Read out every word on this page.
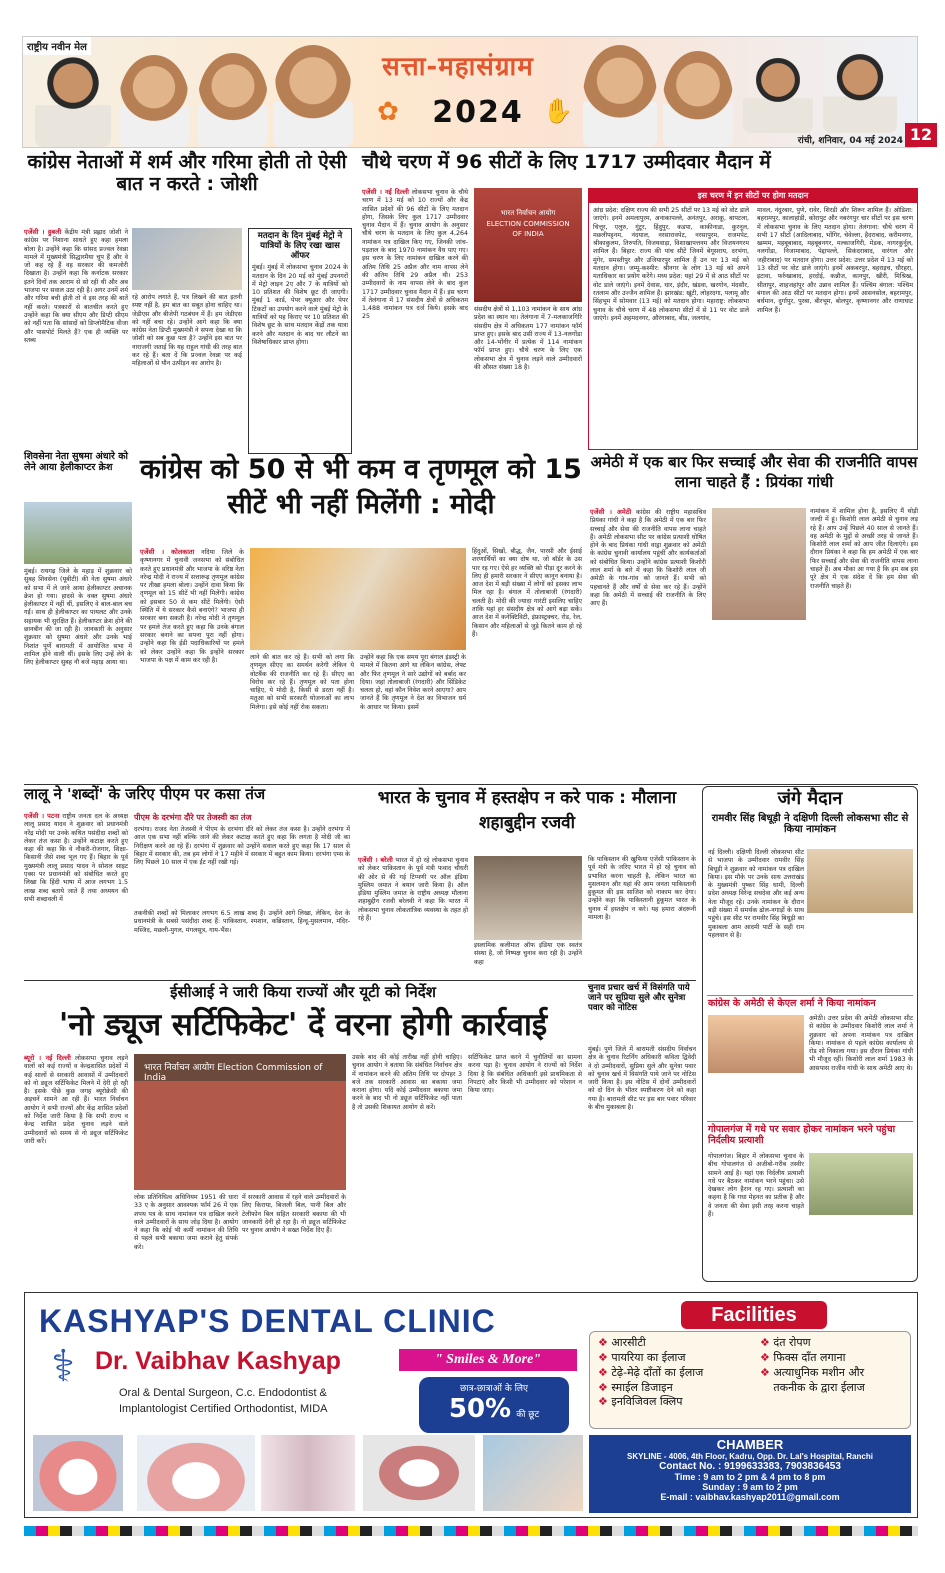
राष्ट्रीय नवीन मेल
सत्ता-महासंग्राम
✿	2024 ✋
रांची, शनिवार, 04 मई 2024 12
कांग्रेस नेताओं में शर्म और गरिमा होती तो ऐसी बात न करते : जोशी
एजेंसी । हुबली केंद्रीय मंत्री प्रह्लाद जोशी ने कांग्रेस पर निशाना साधते हुए कहा हमला बोला है। उन्होंने कहा कि सांसद प्रज्वल रेवन्ना मामले में मुख्यमंत्री सिद्धारमैया चुप हैं और वे जो कह रहे हैं वह सरकार की कमजोरी दिखाता है। उन्होंने कहा कि कर्नाटक सरकार इतने दिनों तक आराम से सो रही थी और अब भाजपा पर सवाल उठा रही है। अगर उनमें शर्म और गरिमा बची होती तो वे इस तरह की बातें नहीं करते। पत्रकारों से बातचीत करते हुए उन्होंने कहा कि क्या सीएम और डिप्टी सीएम को नहीं पता कि सांसदों को डिप्लोमैटिक वीजा और पासपोर्ट मिलते हैं? एक ही व्यक्ति पर स्तब्ध
रहे आरोप लगाते हैं, पत्र लिखने की बात इतनी स्पष्ट नहीं है, हम बात का सबूत होना चाहिए था। जेडीएस और बीजेपी गठबंधन में हैं। हम जेडीएस को नहीं बचा रहे। उन्होंने आगे कहा कि क्या कांग्रेस नेता डिप्टी मुख्यमंत्री ने सपना देखा था कि जोशी को सब कुछ पता है? उन्होंने इस बात पर नाराजगी जताई कि यह राहुल गांधी की तरह बात कर रहे हैं। बता दें कि प्रज्वल रेवन्ना पर कई महिलाओं से यौन उत्पीड़न का आरोप है।
मतदान के दिन मुंबई मेट्रो ने यात्रियों के लिए रखा खास ऑफर
मुंबई। मुंबई में लोकसभा चुनाव 2024 के मतदान के दिन 20 मई को मुंबई उपनगरों में मेट्रो लाइन 2ए और 7 के यात्रियों को 10 प्रतिशत की विशेष छूट दी जाएगी। मुंबई 1 कार्ड, पेपर क्यूआर और पेपर टिकटों का उपयोग करने वाले मुंबई मेट्रो के यात्रियों को यह किराए पर 10 प्रतिशत की विशेष छूट के साथ मतदान केंद्रों तक यात्रा करने और मतदान के बाद घर लौटने का विशेषाधिकार प्राप्त होगा।
चौथे चरण में 96 सीटों के लिए 1717 उम्मीदवार मैदान में
एजेंसी । नई दिल्ली लोकसभा चुनाव के चौथे चरण में 13 मई को 10 राज्यों और केंद्र शासित प्रदेशों की 96 सीटों के लिए मतदान होगा, जिसके लिए कुल 1717 उम्मीदवार चुनाव मैदान में हैं। चुनाव आयोग के अनुसार चौथे चरण के मतदान के लिए कुल 4,264 नामांकन पत्र दाखिल किए गए, जिनकी जांच-पड़ताल के बाद 1970 नामांकन वैध पाए गए। इस चरण के लिए नामांकन दाखिल करने की अंतिम तिथि 25 अप्रैल और नाम वापस लेने की अंतिम तिथि 29 अप्रैल थी। 253 उम्मीदवारों के नाम वापस लेने के बाद कुल 1717 उम्मीदवार चुनाव मैदान में हैं। इस चरण में तेलंगाना में 17 संसदीय क्षेत्रों से अधिकतम 1,488 नामांकन पत्र दर्ज किये। इसके बाद 25
भारत निर्वाचन आयोग ELECTION COMMISSION OF INDIA
संसदीय क्षेत्रों से 1,103 नामांकन के साथ आंध्र प्रदेश का स्थान था। तेलंगाना में 7-मलकाजगिरि संसदीय क्षेत्र में अधिकतम 177 नामांकन फॉर्म प्राप्त हुए। इसके बाद उसी राज्य में 13-नलगोंडा और 14-भोंगीर में प्रत्येक में 114 नामांकन फॉर्म प्राप्त हुए। चौथे चरण के लिए एक लोकसभा क्षेत्र में चुनाव लड़ने वाले उम्मीदवारों की औसत संख्या 18 है।
इस चरण में इन सीटों पर होगा मतदान
आंध्र प्रदेश: दक्षिण राज्य की सभी 25 सीटों पर 13 मई को वोट डाले जाएंगे। इनमें अमलापुरम, अनाकापल्ले, अनंतपुर, अराकू, बापटला, चित्तूर, एलुरु, गुंटूर, हिंदुपुर, कडपा, काकीनाडा, कुरनूल, मछलीपट्टनम, नंदयाल, नरसारावपेट, नरसापुरम, राजमपेट, श्रीकाकुलम, तिरुपति, विजयवाड़ा, विशाखापत्तनम और विजयनगरम शामिल हैं। बिहार: राज्य की पांच सीटें जिनमें बेगूसराय, दरभंगा, मुंगेर, समस्तीपुर और उजियारपुर शामिल हैं उन पर 13 मई को मतदान होगा। जम्मू-कश्मीर: श्रीनगर के लोग 13 मई को अपने मताधिकार का प्रयोग करेंगे। मध्य प्रदेश: यहां 29 में से आठ सीटों पर वोट डाले जाएंगे। इनमें देवास, धार, इंदौर, खंडवा, खरगोन, मंदसौर, रतलाम और उज्जैन शामिल हैं। झारखंड: खूंटी, लोहरदगा, पलामू और सिंहभूम में सोमवार (13 मई) को मतदान होगा। महाराष्ट्र: लोकसभा चुनाव के चौथे चरण में 48 लोकसभा सीटों में से 11 पर वोट डाले जाएंगे। इनमें अहमदनगर, औरंगाबाद, बीड, जलगांव,
मावल, नंदुरबार, पुणे, रावेर, शिरडी और शिरूर शामिल हैं। ओडिशा: बहरामपुर, कालाहांडी, कोरापुट और नबरंगपुर चार सीटों पर इस चरण में लोकसभा चुनाव के लिए मतदान होगा। तेलंगाना: चौथे चरण में सभी 17 सीटों (आदिलाबाद, भोंगिर, चेवेल्ला, हैदराबाद, करीमनगर, खम्मम, महबूबाबाद, महबूबनगर, मल्काजगिरी, मेडक, नागरकुर्नूल, नलगोंडा, निजामाबाद, पेद्दापल्ले, सिकंदराबाद, वारंगल और जहीराबाद) पर मतदान होगा। उत्तर प्रदेश: उत्तर प्रदेश में 13 मई को 13 सीटों पर वोट डाले जाएंगे। इनमें अकबरपुर, बहराइच, धौरहरा, इटावा, फर्रुखाबाद, हरदोई, कन्नौज, कानपुर, खीरी, मिश्रिख, सीतापुर, शाहजहांपुर और उन्नाव शामिल हैं। पश्चिम बंगाल: पश्चिम बंगाल की आठ सीटों पर मतदान होगा। इनमें आसनसोल, बहरामपुर, बर्धमान, दुर्गापुर, पुरबा, बीरभूम, बोलपुर, कृष्णानगर और राणाघाट शामिल हैं।
शिवसेना नेता सुषमा अंधारे को लेने आया हेलीकाप्टर क्रेश
मुंबई। रायगढ़ जिले के महाड़ में शुक्रवार को सुबह शिवसेना (यूबीटी) की नेता सुषमा अंधारे को सभा में ले जाने आया हेलीकाप्टर अचानक क्रेश हो गया। हादसे के वक्त सुषमा अंधारे हेलीकाप्टर में नहीं थीं, इसलिए वे बाल-बाल बच गईं। साथ ही हेलीकाप्टर का पायलट और उनके सहायक भी सुरक्षित हैं। हेलीकाप्टर क्रेश होने की छानबीन की जा रही है। जानकारी के अनुसार शुक्रवार को सुषमा अंधारे और उनके भाई निशांत पूर्णे बारामती में आयोजित सभा में शामिल होने वाली थीं। इसके लिए उन्हें लेने के लिए हेलीकाप्टर सुबह नौ बजे महाड़ आया था।
कांग्रेस को 50 से भी कम व तृणमूल को 15 सीटें भी नहीं मिलेंगी : मोदी
एजेंसी । कोलकाता नदिया जिले के कृष्णानगर में चुनावी जनसभा को संबोधित करते हुए प्रधानमंत्री और भाजपा के वरिष्ठ नेता नरेन्द्र मोदी ने राज्य में सत्तारूढ़ तृणमूल कांग्रेस पर तीखा हमला बोला। उन्होंने दावा किया कि तृणमूल को 15 सीटें भी नहीं मिलेंगी। कांग्रेस को इसबार 50 से कम सीटें मिलेंगी। ऐसी स्थिति में ये सरकार कैसे बनाएंगे? भाजपा ही सरकार बना सकती है। नरेन्द्र मोदी ने तृणमूल पर हमले तेज करते हुए कहा कि उनके बंगाल सरकार बनाने का सपना पूरा नहीं होगा। उन्होंने कहा कि ईडी पदाधिकारियों पर हमले को लेकर उन्होंने कहा कि इन्होंने सरकार भाजपा के पक्ष में काम कर रही है।	लाने की बात कर रहे हैं। सभी को लगा कि तृणमूल सीएए का समर्थन करेगी लेकिन ये वोटबैंक की राजनीति कर रहे हैं। सीएए का विरोध कर रहे हैं। तृणमूल को पता होना चाहिए, ये मोदी है, किसी से डरता नहीं है। मतुआ को सभी सरकारी योजनाओं का लाभ मिलेगा। इसे कोई नहीं रोक सकता।
उन्होंने कहा कि एक समय पूरा बंगाल इंडस्ट्री के मामले में कितना आगे था लेकिन कांग्रेस, लेफ्ट और फिर तृणमूल ने सारे उद्योगों को बर्बाद कर दिया। जहां तोलाबाजी (रंगदारी) और सिंडिकेट चलता हो, वहां कौन निवेश करने आएगा? आप जानते हैं कि तृणमूल ने देश का विभाजन धर्म के आधार पर किया। इसमें
हिंदुओं, सिखों, बौद्ध, जैन, पारसी और ईसाई शरणार्थियों का क्या दोष था, जो बॉर्डर के उस पार रह गए। ऐसे हर व्यक्ति को पीड़ा दूर करने के लिए ही हमारी सरकार ने सीएए कानून बनाया है। आज देश में बड़ी संख्या में लोगों को इसका लाभ मिल रहा है। बंगाल में तोलाबाजी (रंगदारी) चलती है। मोदी की ज्यादा गारंटी इसलिए चाहिए ताकि यहां हर संसदीय क्षेत्र को आगे बढ़ा सकें। आज देश में कनेक्टिविटी, इंफ्रास्ट्रक्चर, रोड, रेल, किसान और महिलाओं से जुड़े कितने काम हो रहे हैं।
अमेठी में एक बार फिर सच्चाई और सेवा की राजनीति वापस लाना चाहते हैं : प्रियंका गांधी
एजेंसी । अमेठी कांग्रेस की राष्ट्रीय महासचिव प्रियंका गांधी ने कहा है कि अमेठी में एक बार फिर सच्चाई और सेवा की राजनीति वापस लाना चाहते हैं। अमेठी लोकसभा सीट पर कांग्रेस प्रत्याशी घोषित होने के बाद प्रियंका गांधी वाड्रा शुक्रवार को अमेठी के कांग्रेस चुनावी कार्यालय पहुंचीं और कार्यकर्ताओं को संबोधित किया। उन्होंने कांग्रेस प्रत्याशी किशोरी लाल शर्मा के बारे में कहा कि किशोरी लाल जी अमेठी के गांव-गांव को जानते हैं। सभी को पहचानते हैं और वर्षों से सेवा कर रहे हैं। उन्होंने कहा कि अमेठी में सच्चाई की राजनीति के लिए आए हैं।
नामांकन में शामिल होना है, इसलिए मैं थोड़ी जल्दी में हूं। किशोरी लाल अमेठी से चुनाव लड़ रहे हैं। आप उन्हें पिछले 40 साल से जानते हैं। वह अमेठी के मुद्दों से अच्छी तरह से जानते हैं। किशोरी लाल शर्मा को आप जीत दिलाएंगे। इस दौरान प्रियंका ने कहा कि हम अमेठी में एक बार फिर सच्चाई और सेवा की राजनीति वापस लाना चाहते हैं। अब मौका आ गया है कि हम सब इस पूरे क्षेत्र में एक संदेश दें कि हम सेवा की राजनीति चाहते हैं।
लालू ने 'शब्दों' के जरिए पीएम पर कसा तंज
एजेंसी । पटना राष्ट्रीय जनता दल के अध्यक्ष लालू प्रसाद यादव ने शुक्रवार को प्रधानमंत्री नरेंद्र मोदी पर उनके कथित पसंदीदा शब्दों को लेकर तंज कसा है। उन्होंने कटाक्ष करते हुए कहा की कहा कि वे नौकरी-रोजगार, शिक्षा-किसानी जैसे शब्द भूल गए हैं। बिहार के पूर्व मुख्यमंत्री लालू प्रसाद यादव ने सोशल साइट एक्स पर प्रधानमंत्री को संबोधित करते हुए लिखा कि हिंदी भाषा में आज लगभग 1.5 लाख शब्द बताये जाते हैं तथा अध्ययन की सभी शब्दावली में
पीएम के दरभंगा दौरे पर तेजस्वी का तंज
दरभंगा। राजद नेता तेजस्वी ने पीएम के दरभंगा दौरे को लेकर तंज कसा है। उन्होंने दरभंगा में आज एक सभा नहीं बल्कि जाने की लेकर कटाक्ष करते हुए कहा कि लगता है मोदी जी का निरीक्षण करने आ रहे हैं। दरभंगा में शुक्रवार को उन्होंने सवाल करते हुए कहा कि 17 साल से बिहार में सरकार की, तब हम लोगों ने 17 महीने में सरकार में बहुत काम किया। दरभंगा एम्स के लिए पिछले 10 साल में एक ईंट नहीं रखी गई।
तकनीकी शब्दों को मिलाकर लगभग 6.5 लाख शब्द हैं। उन्होंने आगे लिखा, लेकिन, देश के प्रधानमंत्री के सबसे पसंदीदा शब्द हैं: पाकिस्तान, श्मशान, कब्रिस्तान, हिन्दू-मुसलमान, मंदिर-मस्जिद, मछली-मुगल, मंगलसूत्र, गाय-भैंस।
भारत के चुनाव में हस्तक्षेप न करे पाक : मौलाना शहाबुद्दीन रजवी
एजेंसी । बरेली भारत में हो रहे लोकसभा चुनाव को लेकर पाकिस्तान के पूर्व मंत्री फवाद चौधरी की ओर से की गई टिप्पणी पर ऑल इंडिया मुस्लिम जमात ने बयान जारी किया है। ऑल इंडिया मुस्लिम जमात के राष्ट्रीय अध्यक्ष मौलाना शहाबुद्दीन रजवी बरेलवी ने कहा कि भारत में लोकसभा चुनाव लोकतांत्रिक व्यवस्था के तहत हो रहे हैं।
इस्लामिक कलीमात ऑफ इंडिया एक स्वतंत्र संस्था है, जो निष्पक्ष चुनाव करा रही है। उन्होंने कहा
कि पाकिस्तान की खुफिया एजेंसी पाकिस्तान के पूर्व मंत्री के जरिए भारत में हो रहे चुनाव को प्रभावित करना चाहती है, लेकिन भारत का मुसलमान और यहां की आम जनता पाकिस्तानी हुकूमत की इस साजिश को नाकाम कर देगा। उन्होंने कहा कि पाकिस्तानी हुकूमत भारत के चुनाव में हस्तक्षेप न करे। यह हमारा अंदरूनी मामला है।
जंगे मैदान
रामवीर सिंह बिधूड़ी ने दक्षिणी दिल्ली लोकसभा सीट से किया नामांकन
नई दिल्ली। दक्षिणी दिल्ली लोकसभा सीट से भाजपा के उम्मीदवार रामवीर सिंह बिधूड़ी ने शुक्रवार को नामांकन पत्र दाखिल किया। इस मौके पर उनके साथ उत्तराखंड के मुख्यमंत्री पुष्कर सिंह धामी, दिल्ली प्रदेश अध्यक्ष विरेन्द्र सचदेवा और कई अन्य नेता मौजूद रहे। उनके नामांकन के दौरान बड़ी संख्या में समर्थक ढोल-नगाड़ों के साथ पहुंचे। इस सीट पर रामवीर सिंह बिधूड़ी का मुकाबला आम आदमी पार्टी के सही राम पहलवान से है।
कांग्रेस के अमेठी से केएल शर्मा ने किया नामांकन
अमेठी। उत्तर प्रदेश की अमेठी लोकसभा सीट से कांग्रेस के उम्मीदवार किशोरी लाल शर्मा ने शुक्रवार को अपना नामांकन पत्र दाखिल किया। नामांकन से पहले कांग्रेस कार्यालय से रोड शो निकाला गया। इस दौरान प्रियंका गांधी भी मौजूद रहीं। किशोरी लाल शर्मा 1983 के आसपास राजीव गांधी के साथ अमेठी आए थे।
गोपालगंज में गधे पर सवार होकर नामांकन भरने पहुंचा निर्दलीय प्रत्याशी
गोपालगंज। बिहार में लोकसभा चुनाव के बीच गोपालगंज से अजीबो-गरीब तस्वीर सामने आई है। यहां एक निर्दलीय प्रत्याशी गधे पर बैठकर नामांकन भरने पहुंचा। उसे देखकर लोग हैरान रह गए। प्रत्याशी का कहना है कि गधा मेहनत का प्रतीक है और वे जनता की सेवा इसी तरह करना चाहते हैं।
ईसीआई ने जारी किया राज्यों और यूटी को निर्देश
'नो ड्यूज सर्टिफिकेट' दें वरना होगी कार्रवाई
ब्यूरो । नई दिल्ली लोकसभा चुनाव लड़ने वालों को कई राज्यों व केन्द्रशासित प्रदेशों में कई सालों से सरकारी आवासों में उम्मीदवारों को नो ड्यूज सर्टिफिकेट मिलने में देरी हो रही है। इसके पीछे कुछ जगह ब्यूरोक्रेसी की अड़चनें सामने आ रही हैं। भारत निर्वाचन आयोग ने सभी राज्यों और केंद्र शासित प्रदेशों को निर्देश जारी किया है कि सभी राज्य व केन्द्र शासित प्रदेश चुनाव लड़ने वाले उम्मीदवारों को समय से नो ड्यूज सर्टिफिकेट जारी करें।
भारत निर्वाचन आयोग Election Commission of India
लोक प्रतिनिधित्व अधिनियम 1951 की धारा 33 ए के अनुसार आवश्यक फॉर्म 26 में एक शपथ पत्र के साथ नामांकन पत्र दाखिल करने वाले उम्मीदवारों के साथ जोड़ दिया है। आयोग ने कहा कि कोई भी कर्मी नामांकन की तिथि से पहले सभी बकाया जमा कराने हेतु संपर्क करे।
में सरकारी आवास में रहने वाले उम्मीदवारों के लिए किराया, बिजली बिल, पानी बिल और टेलीफोन बिल सहित सरकारी बकाया की भी जानकारी देनी हो रहा है। नो ड्यूज सर्टिफिकेट पर चुनाव आयोग ने सख्त निर्देश दिए हैं।
उसके बाद की कोई तारीख नहीं होनी चाहिए। चुनाव आयोग ने बताया कि संबंधित निर्वाचन क्षेत्र में नामांकन करने की अंतिम तिथि पर दोपहर 3 बजे तक सरकारी आवास का बकाया जमा कराना होगा। यदि कोई उम्मीदवार बकाया जमा करने के बाद भी नो ड्यूज सर्टिफिकेट नहीं पाता है तो उसकी शिकायत आयोग से करें।
सर्टिफिकेट प्राप्त करने में चुनौतियों का सामना करना पड़ा है। चुनाव आयोग ने राज्यों को निर्देश दिया है कि संबंधित अधिकारी इसे प्राथमिकता से निपटाएं और किसी भी उम्मीदवार को परेशान न किया जाए।
चुनाव प्रचार खर्च में विसंगति पाये जाने पर सुप्रिया सुले और सुनेत्रा पवार को नोटिस
मुंबई। पुणे जिले में बारामती संसदीय निर्वाचन क्षेत्र के चुनाव रिटर्निंग अधिकारी कविता द्विवेदी ने दो उम्मीदवारों, सुप्रिया सुले और सुनेत्रा पवार को चुनाव खर्च में विसंगति पाये जाने पर नोटिस जारी किया है। इस नोटिस में दोनों उम्मीदवारों को दो दिन के भीतर स्पष्टीकरण देने को कहा गया है। बारामती सीट पर इस बार पवार परिवार के बीच मुकाबला है।
KASHYAP'S DENTAL CLINIC
Dr. Vaibhav Kashyap
Oral & Dental Surgeon, C.c. Endodontist &
Implantologist Certified Orthodontist, MIDA
⚕	" Smiles & More"
छात्र-छात्राओं के लिए
50% की छूट
Facilities
❖ आरसीटी
❖ पायरिया का ईलाज
❖ टेढ़े-मेढ़े दाँतों का ईलाज
❖ स्माईल डिजाइन
❖ इनविजिवल क्लिप
❖ दंत रोपण
❖ फिक्स दाँत लगाना
❖ अत्याधुनिक मशीन और
❖ तकनीक के द्वारा ईलाज
CHAMBER
SKYLINE - 4006, 4th Floor, Kadru, Opp. Dr. Lal's Hospital, Ranchi
Contact No. : 9199633383, 7903836453
Time : 9 am to 2 pm & 4 pm to 8 pm
Sunday : 9 am to 2 pm
E-mail : vaibhav.kashyap2011@gmail.com
